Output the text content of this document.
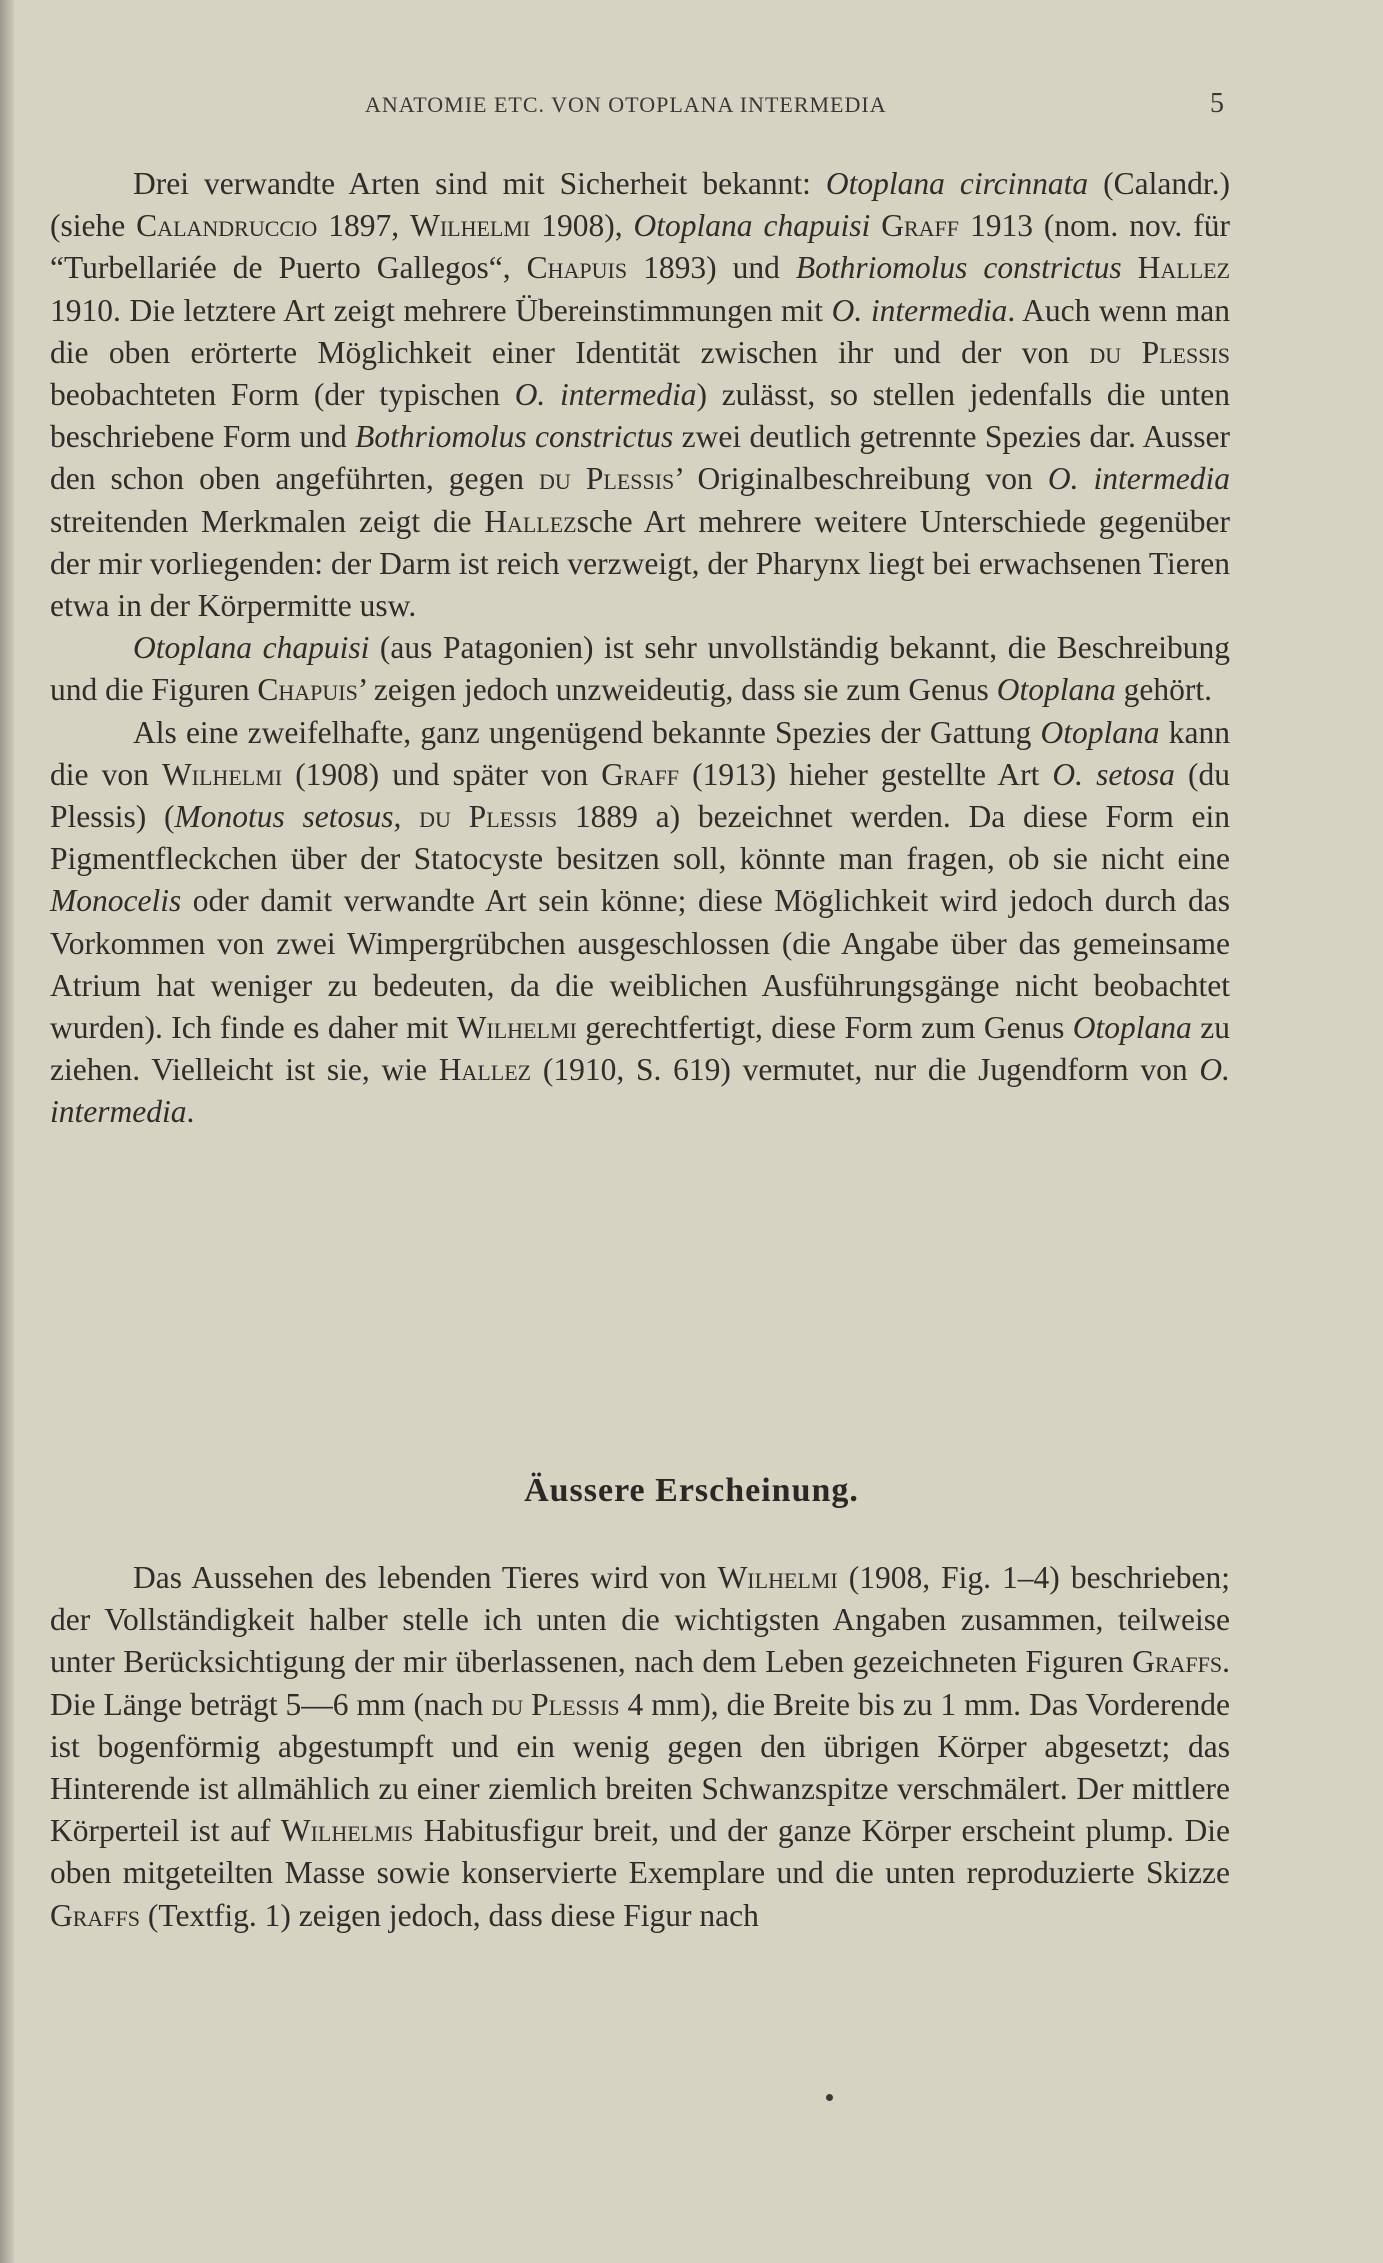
ANATOMIE ETC. VON OTOPLANA INTERMEDIA	5

Drei verwandte Arten sind mit Sicherheit bekannt: Otoplana circinnata (Calandr.) (siehe Calandruccio 1897, Wilhelmi 1908), Otoplana chapuisi Graff 1913 (nom. nov. für “Turbellariée de Puerto Gallegos“, Chapuis 1893) und Bothriomolus constrictus Hallez 1910. Die letztere Art zeigt mehrere Übereinstimmungen mit O. intermedia. Auch wenn man die oben erörterte Möglichkeit einer Identität zwischen ihr und der von du Plessis beobachteten Form (der typischen O. intermedia) zulässt, so stellen jedenfalls die unten beschriebene Form und Bothriomolus constrictus zwei deutlich getrennte Spezies dar. Ausser den schon oben angeführten, gegen du Plessis’ Originalbeschreibung von O. intermedia streitenden Merkmalen zeigt die Hallezsche Art mehrere weitere Unterschiede gegenüber der mir vorliegenden: der Darm ist reich verzweigt, der Pharynx liegt bei erwachsenen Tieren etwa in der Körpermitte usw.

Otoplana chapuisi (aus Patagonien) ist sehr unvollständig bekannt, die Beschreibung und die Figuren Chapuis’ zeigen jedoch unzweideutig, dass sie zum Genus Otoplana gehört.

Als eine zweifelhafte, ganz ungenügend bekannte Spezies der Gattung Otoplana kann die von Wilhelmi (1908) und später von Graff (1913) hieher gestellte Art O. setosa (du Plessis) (Monotus setosus, du Plessis 1889 a) bezeichnet werden. Da diese Form ein Pigmentfleckchen über der Statocyste besitzen soll, könnte man fragen, ob sie nicht eine Monocelis oder damit verwandte Art sein könne; diese Möglichkeit wird jedoch durch das Vorkommen von zwei Wimpergrübchen ausgeschlossen (die Angabe über das gemeinsame Atrium hat weniger zu bedeuten, da die weiblichen Ausführungsgänge nicht beobachtet wurden). Ich finde es daher mit Wilhelmi gerechtfertigt, diese Form zum Genus Otoplana zu ziehen. Vielleicht ist sie, wie Hallez (1910, S. 619) vermutet, nur die Jugendform von O. intermedia.

Äussere Erscheinung.

Das Aussehen des lebenden Tieres wird von Wilhelmi (1908, Fig. 1–4) beschrieben; der Vollständigkeit halber stelle ich unten die wichtigsten Angaben zusammen, teilweise unter Berücksichtigung der mir überlassenen, nach dem Leben gezeichneten Figuren Graffs. Die Länge beträgt 5—6 mm (nach du Plessis 4 mm), die Breite bis zu 1 mm. Das Vorderende ist bogenförmig abgestumpft und ein wenig gegen den übrigen Körper abgesetzt; das Hinterende ist allmählich zu einer ziemlich breiten Schwanzspitze verschmälert. Der mittlere Körperteil ist auf Wilhelmis Habitusfigur breit, und der ganze Körper erscheint plump. Die oben mitgeteilten Masse sowie konservierte Exemplare und die unten reproduzierte Skizze Graffs (Textfig. 1) zeigen jedoch, dass diese Figur nach
